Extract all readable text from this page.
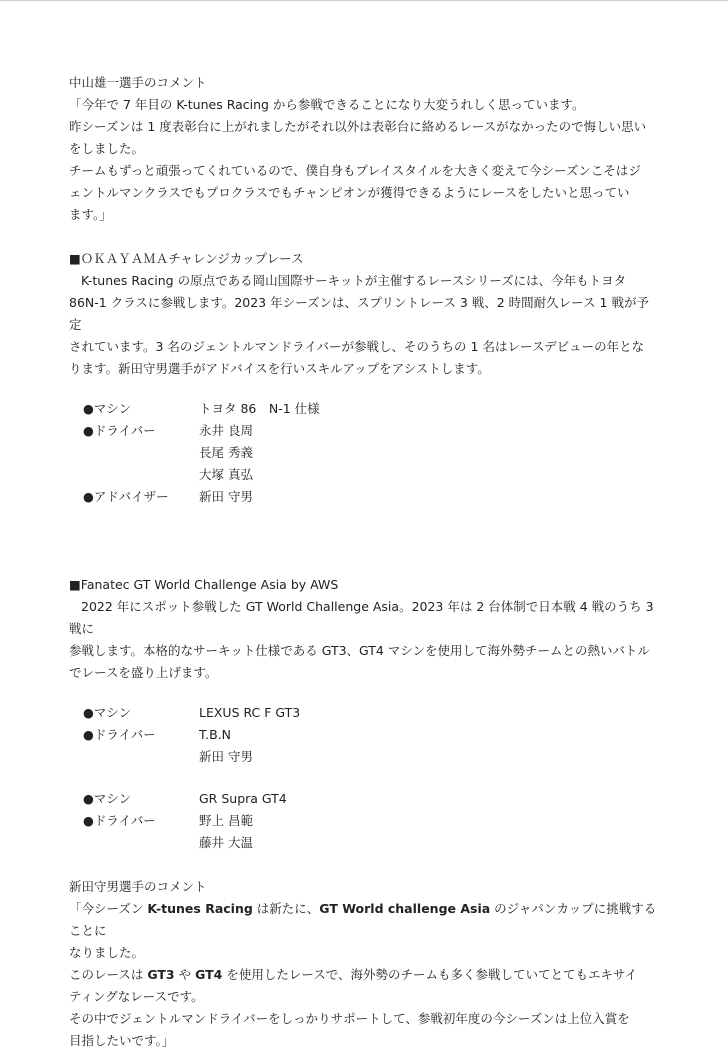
中山雄一選手のコメント

「今年で 7 年目の K-tunes Racing から参戦できることになり大変うれしく思っています。

昨シーズンは 1 度表彰台に上がれましたがそれ以外は表彰台に絡めるレースがなかったので悔しい思い

をしました。

チームもずっと頑張ってくれているので、僕自身もプレイスタイルを大きく変えて今シーズンこそはジ

ェントルマンクラスでもプロクラスでもチャンピオンが獲得できるようにレースをしたいと思ってい

ます。」

■ＯＫＡＹＡＭＡチャレンジカップレース

K-tunes Racing の原点である岡山国際サーキットが主催するレースシリーズには、今年もトヨタ

86N-1 クラスに参戦します。2023 年シーズンは、スプリントレース 3 戦、2 時間耐久レース 1 戦が予定

されています。3 名のジェントルマンドライバーが参戦し、そのうちの 1 名はレースデビューの年とな

ります。新田守男選手がアドバイスを行いスキルアップをアシストします。

●マシン	トヨタ 86　N-1 仕様
●ドライバー	永井 良周
長尾 秀義
大塚 真弘
●アドバイザー	新田 守男

■Fanatec GT World Challenge Asia by AWS

2022 年にスポット参戦した GT World Challenge Asia。2023 年は 2 台体制で日本戦 4 戦のうち 3 戦に

参戦します。本格的なサーキット仕様である GT3、GT4 マシンを使用して海外勢チームとの熱いバトル

でレースを盛り上げます。

●マシン	LEXUS RC F GT3
●ドライバー	T.B.N
新田 守男
●マシン	GR Supra GT4
●ドライバー	野上 昌範
藤井 大温

新田守男選手のコメント

「今シーズン K-tunes Racing は新たに、GT World challenge Asia のジャパンカップに挑戦することに

なりました。

このレースは GT3 や GT4 を使用したレースで、海外勢のチームも多く参戦していてとてもエキサイ

ティングなレースです。

その中でジェントルマンドライバーをしっかりサポートして、参戦初年度の今シーズンは上位入賞を

目指したいです。」
